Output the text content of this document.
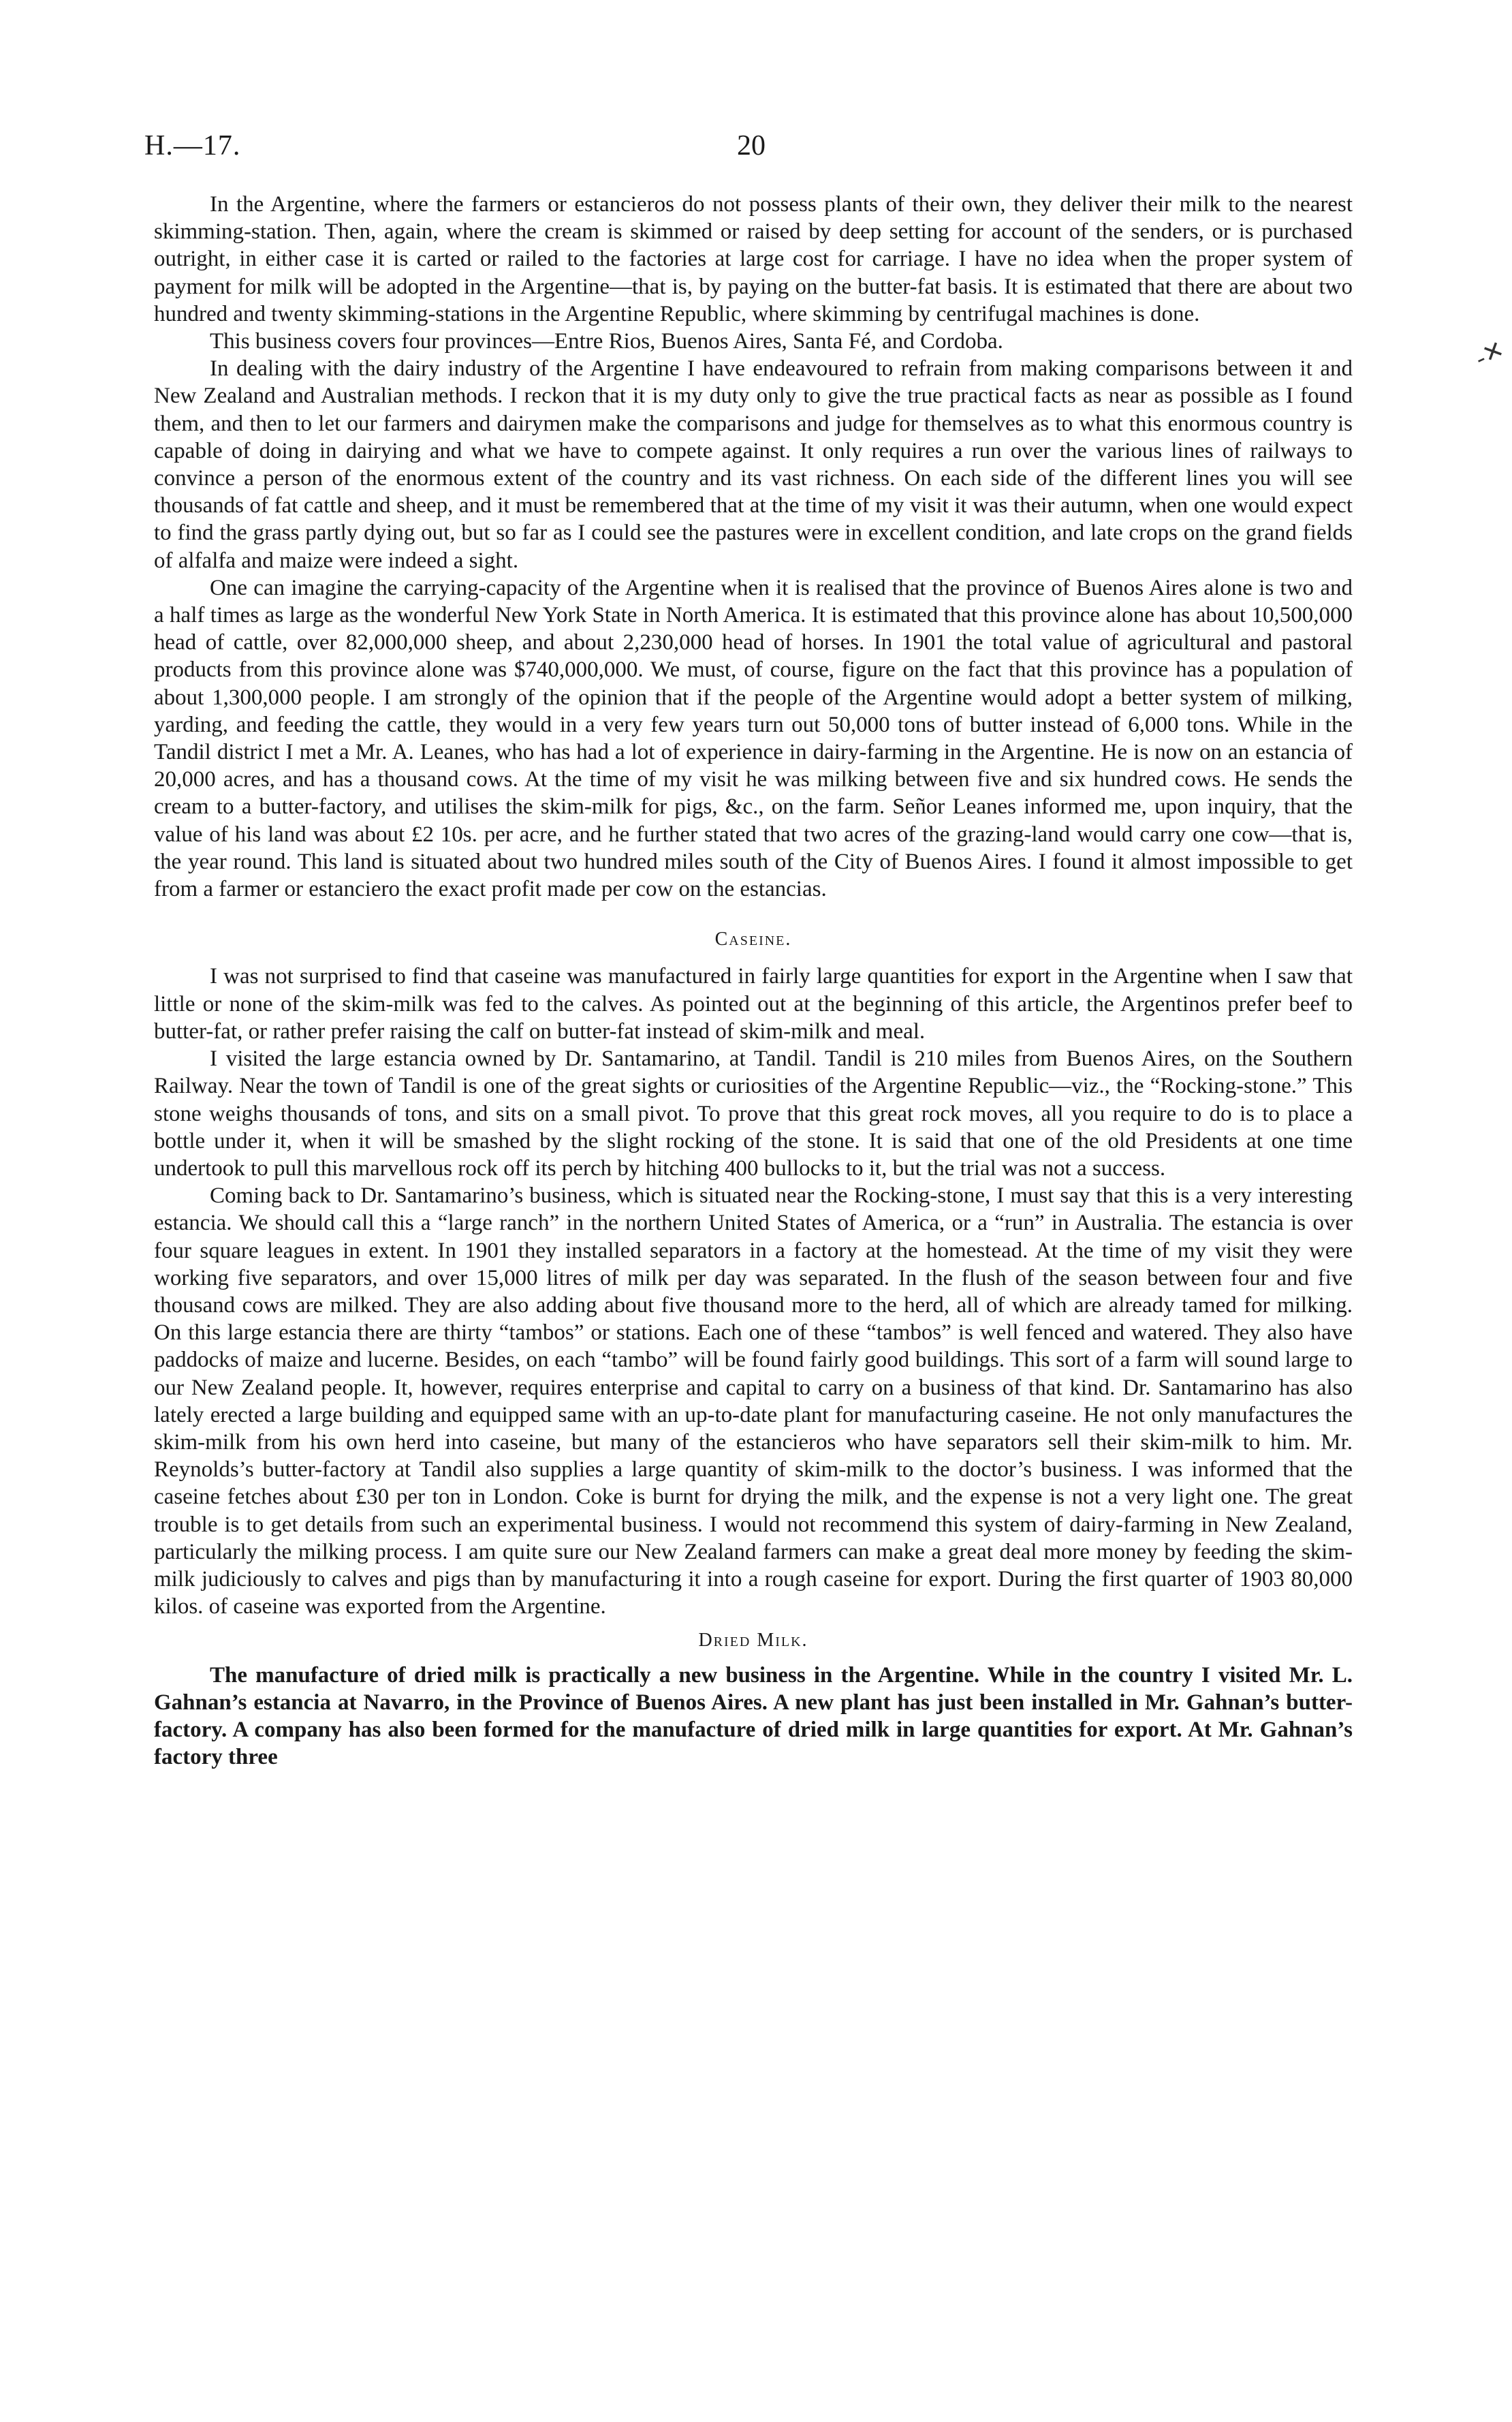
H.—17.	20
-✕

In the Argentine, where the farmers or estancieros do not possess plants of their own, they deliver their milk to the nearest skimming-station. Then, again, where the cream is skimmed or raised by deep setting for account of the senders, or is purchased outright, in either case it is carted or railed to the factories at large cost for carriage. I have no idea when the proper system of payment for milk will be adopted in the Argentine—that is, by paying on the butter-fat basis. It is estimated that there are about two hundred and twenty skimming-stations in the Argentine Republic, where skimming by centrifugal machines is done.

This business covers four provinces—Entre Rios, Buenos Aires, Santa Fé, and Cordoba.

In dealing with the dairy industry of the Argentine I have endeavoured to refrain from making comparisons between it and New Zealand and Australian methods. I reckon that it is my duty only to give the true practical facts as near as possible as I found them, and then to let our farmers and dairymen make the comparisons and judge for themselves as to what this enormous country is capable of doing in dairying and what we have to compete against. It only requires a run over the various lines of railways to convince a person of the enormous extent of the country and its vast richness. On each side of the different lines you will see thousands of fat cattle and sheep, and it must be remembered that at the time of my visit it was their autumn, when one would expect to find the grass partly dying out, but so far as I could see the pastures were in excellent condition, and late crops on the grand fields of alfalfa and maize were indeed a sight.

One can imagine the carrying-capacity of the Argentine when it is realised that the province of Buenos Aires alone is two and a half times as large as the wonderful New York State in North America. It is estimated that this province alone has about 10,500,000 head of cattle, over 82,000,000 sheep, and about 2,230,000 head of horses. In 1901 the total value of agricultural and pastoral products from this province alone was $740,000,000. We must, of course, figure on the fact that this province has a population of about 1,300,000 people. I am strongly of the opinion that if the people of the Argentine would adopt a better system of milking, yarding, and feeding the cattle, they would in a very few years turn out 50,000 tons of butter instead of 6,000 tons. While in the Tandil district I met a Mr. A. Leanes, who has had a lot of experience in dairy-farming in the Argentine. He is now on an estancia of 20,000 acres, and has a thousand cows. At the time of my visit he was milking between five and six hundred cows. He sends the cream to a butter-factory, and utilises the skim-milk for pigs, &c., on the farm. Señor Leanes informed me, upon inquiry, that the value of his land was about £2 10s. per acre, and he further stated that two acres of the grazing-land would carry one cow—that is, the year round. This land is situated about two hundred miles south of the City of Buenos Aires. I found it almost impossible to get from a farmer or estanciero the exact profit made per cow on the estancias.

Caseine.

I was not surprised to find that caseine was manufactured in fairly large quantities for export in the Argentine when I saw that little or none of the skim-milk was fed to the calves. As pointed out at the beginning of this article, the Argentinos prefer beef to butter-fat, or rather prefer raising the calf on butter-fat instead of skim-milk and meal.

I visited the large estancia owned by Dr. Santamarino, at Tandil. Tandil is 210 miles from Buenos Aires, on the Southern Railway. Near the town of Tandil is one of the great sights or curiosities of the Argentine Republic—viz., the “Rocking-stone.” This stone weighs thousands of tons, and sits on a small pivot. To prove that this great rock moves, all you require to do is to place a bottle under it, when it will be smashed by the slight rocking of the stone. It is said that one of the old Presidents at one time undertook to pull this marvellous rock off its perch by hitching 400 bullocks to it, but the trial was not a success.

Coming back to Dr. Santamarino’s business, which is situated near the Rocking-stone, I must say that this is a very interesting estancia. We should call this a “large ranch” in the northern United States of America, or a “run” in Australia. The estancia is over four square leagues in extent. In 1901 they installed separators in a factory at the homestead. At the time of my visit they were working five separators, and over 15,000 litres of milk per day was separated. In the flush of the season between four and five thousand cows are milked. They are also adding about five thousand more to the herd, all of which are already tamed for milking. On this large estancia there are thirty “tambos” or stations. Each one of these “tambos” is well fenced and watered. They also have paddocks of maize and lucerne. Besides, on each “tambo” will be found fairly good buildings. This sort of a farm will sound large to our New Zealand people. It, however, requires enterprise and capital to carry on a business of that kind. Dr. Santamarino has also lately erected a large building and equipped same with an up-to-date plant for manufacturing caseine. He not only manufactures the skim-milk from his own herd into caseine, but many of the estancieros who have separators sell their skim-milk to him. Mr. Reynolds’s butter-factory at Tandil also supplies a large quantity of skim-milk to the doctor’s business. I was informed that the caseine fetches about £30 per ton in London. Coke is burnt for drying the milk, and the expense is not a very light one. The great trouble is to get details from such an experimental business. I would not recommend this system of dairy-farming in New Zealand, particularly the milking process. I am quite sure our New Zealand farmers can make a great deal more money by feeding the skim-milk judiciously to calves and pigs than by manufacturing it into a rough caseine for export. During the first quarter of 1903 80,000 kilos. of caseine was exported from the Argentine.

Dried Milk.

The manufacture of dried milk is practically a new business in the Argentine. While in the country I visited Mr. L. Gahnan’s estancia at Navarro, in the Province of Buenos Aires. A new plant has just been installed in Mr. Gahnan’s butter-factory. A company has also been formed for the manufacture of dried milk in large quantities for export. At Mr. Gahnan’s factory three
